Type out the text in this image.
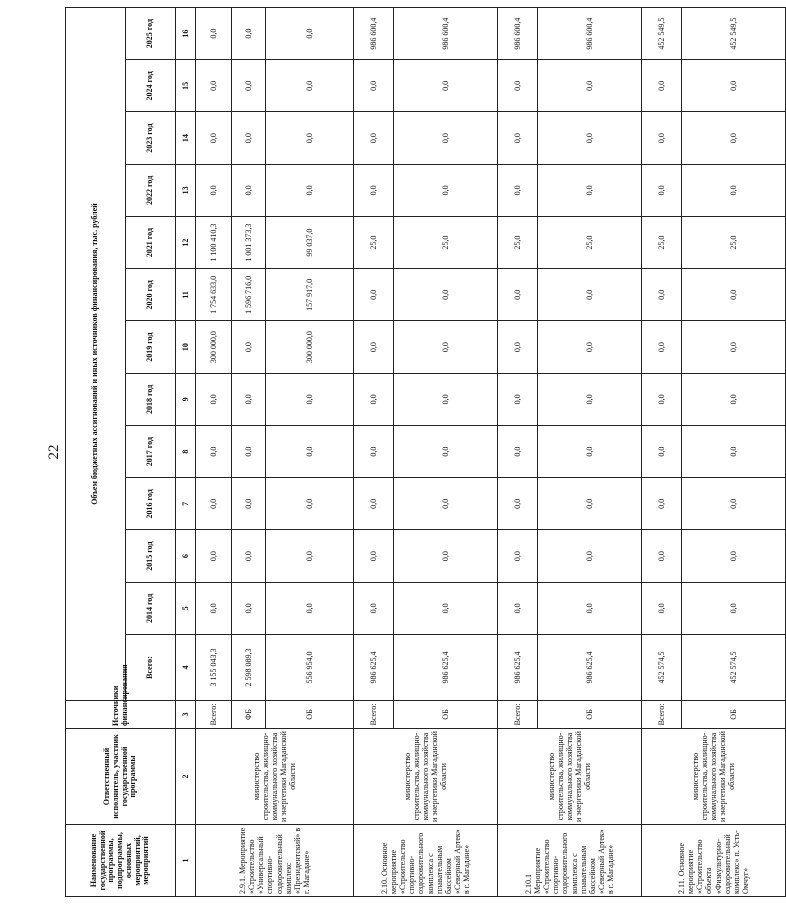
22
Наименование государственной программы, подпрограммы, основных мероприятий, мероприятий	Ответственный исполнитель, участник государственной программы	Источники финансирования	Объем бюджетных ассигнований и иных источников финансирования, тыс. рублей												
			Всего:	2014 год	2015 год	2016 год	2017 год	2018 год	2019 год	2020 год	2021 год	2022 год	2023 год	2024 год	2025 год
1	2	3	4	5	6	7	8	9	10	11	12	13	14	15	16
2.9.1. Мероприятие «Строительство «Универсальный спортивно-оздоровительный комплекс «Президентский» в г. Магадане»	министерство строительства, жилищно-коммунального хозяйства и энергетики Магаданской области	Всего:	3 155 043,3	0,0	0,0	0,0	0,0	0,0	300 000,0	1 754 633,0	1 100 410,3	0,0	0,0	0,0	0,0
		ФБ	2 598 089,3	0,0	0,0	0,0	0,0	0,0	0,0	1 596 716,0	1 001 373,3	0,0	0,0	0,0	0,0
		ОБ	556 954,0	0,0	0,0	0,0	0,0	0,0	300 000,0	157 917,0	99 037,0	0,0	0,0	0,0	0,0
2.10. Основное мероприятие «Строительство спортивно-оздоровительного комплекса с плавательным бассейном «Северный Артек» в г. Магадане»	министерство строительства, жилищно-коммунального хозяйства и энергетики Магаданской области	Всего:	986 625,4	0,0	0,0	0,0	0,0	0,0	0,0	0,0	25,0	0,0	0,0	0,0	986 600,4
		ОБ	986 625,4	0,0	0,0	0,0	0,0	0,0	0,0	0,0	25,0	0,0	0,0	0,0	986 600,4
2.10.1 Мероприятие «Строительство спортивно-оздоровительного комплекса с плавательным бассейном «Северный Артек» в г. Магадане»	министерство строительства, жилищно-коммунального хозяйства и энергетики Магаданской области	Всего:	986 625,4	0,0	0,0	0,0	0,0	0,0	0,0	0,0	25,0	0,0	0,0	0,0	986 600,4
		ОБ	986 625,4	0,0	0,0	0,0	0,0	0,0	0,0	0,0	25,0	0,0	0,0	0,0	986 600,4
2.11. Основное мероприятие «Строительство объекта «Физкультурно-оздоровительный комплекс» п. Усть-Омчуг»	министерство строительства, жилищно-коммунального хозяйства и энергетики Магаданской области	Всего:	452 574,5	0,0	0,0	0,0	0,0	0,0	0,0	0,0	25,0	0,0	0,0	0,0	452 549,5
		ОБ	452 574,5	0,0	0,0	0,0	0,0	0,0	0,0	0,0	25,0	0,0	0,0	0,0	452 549,5
